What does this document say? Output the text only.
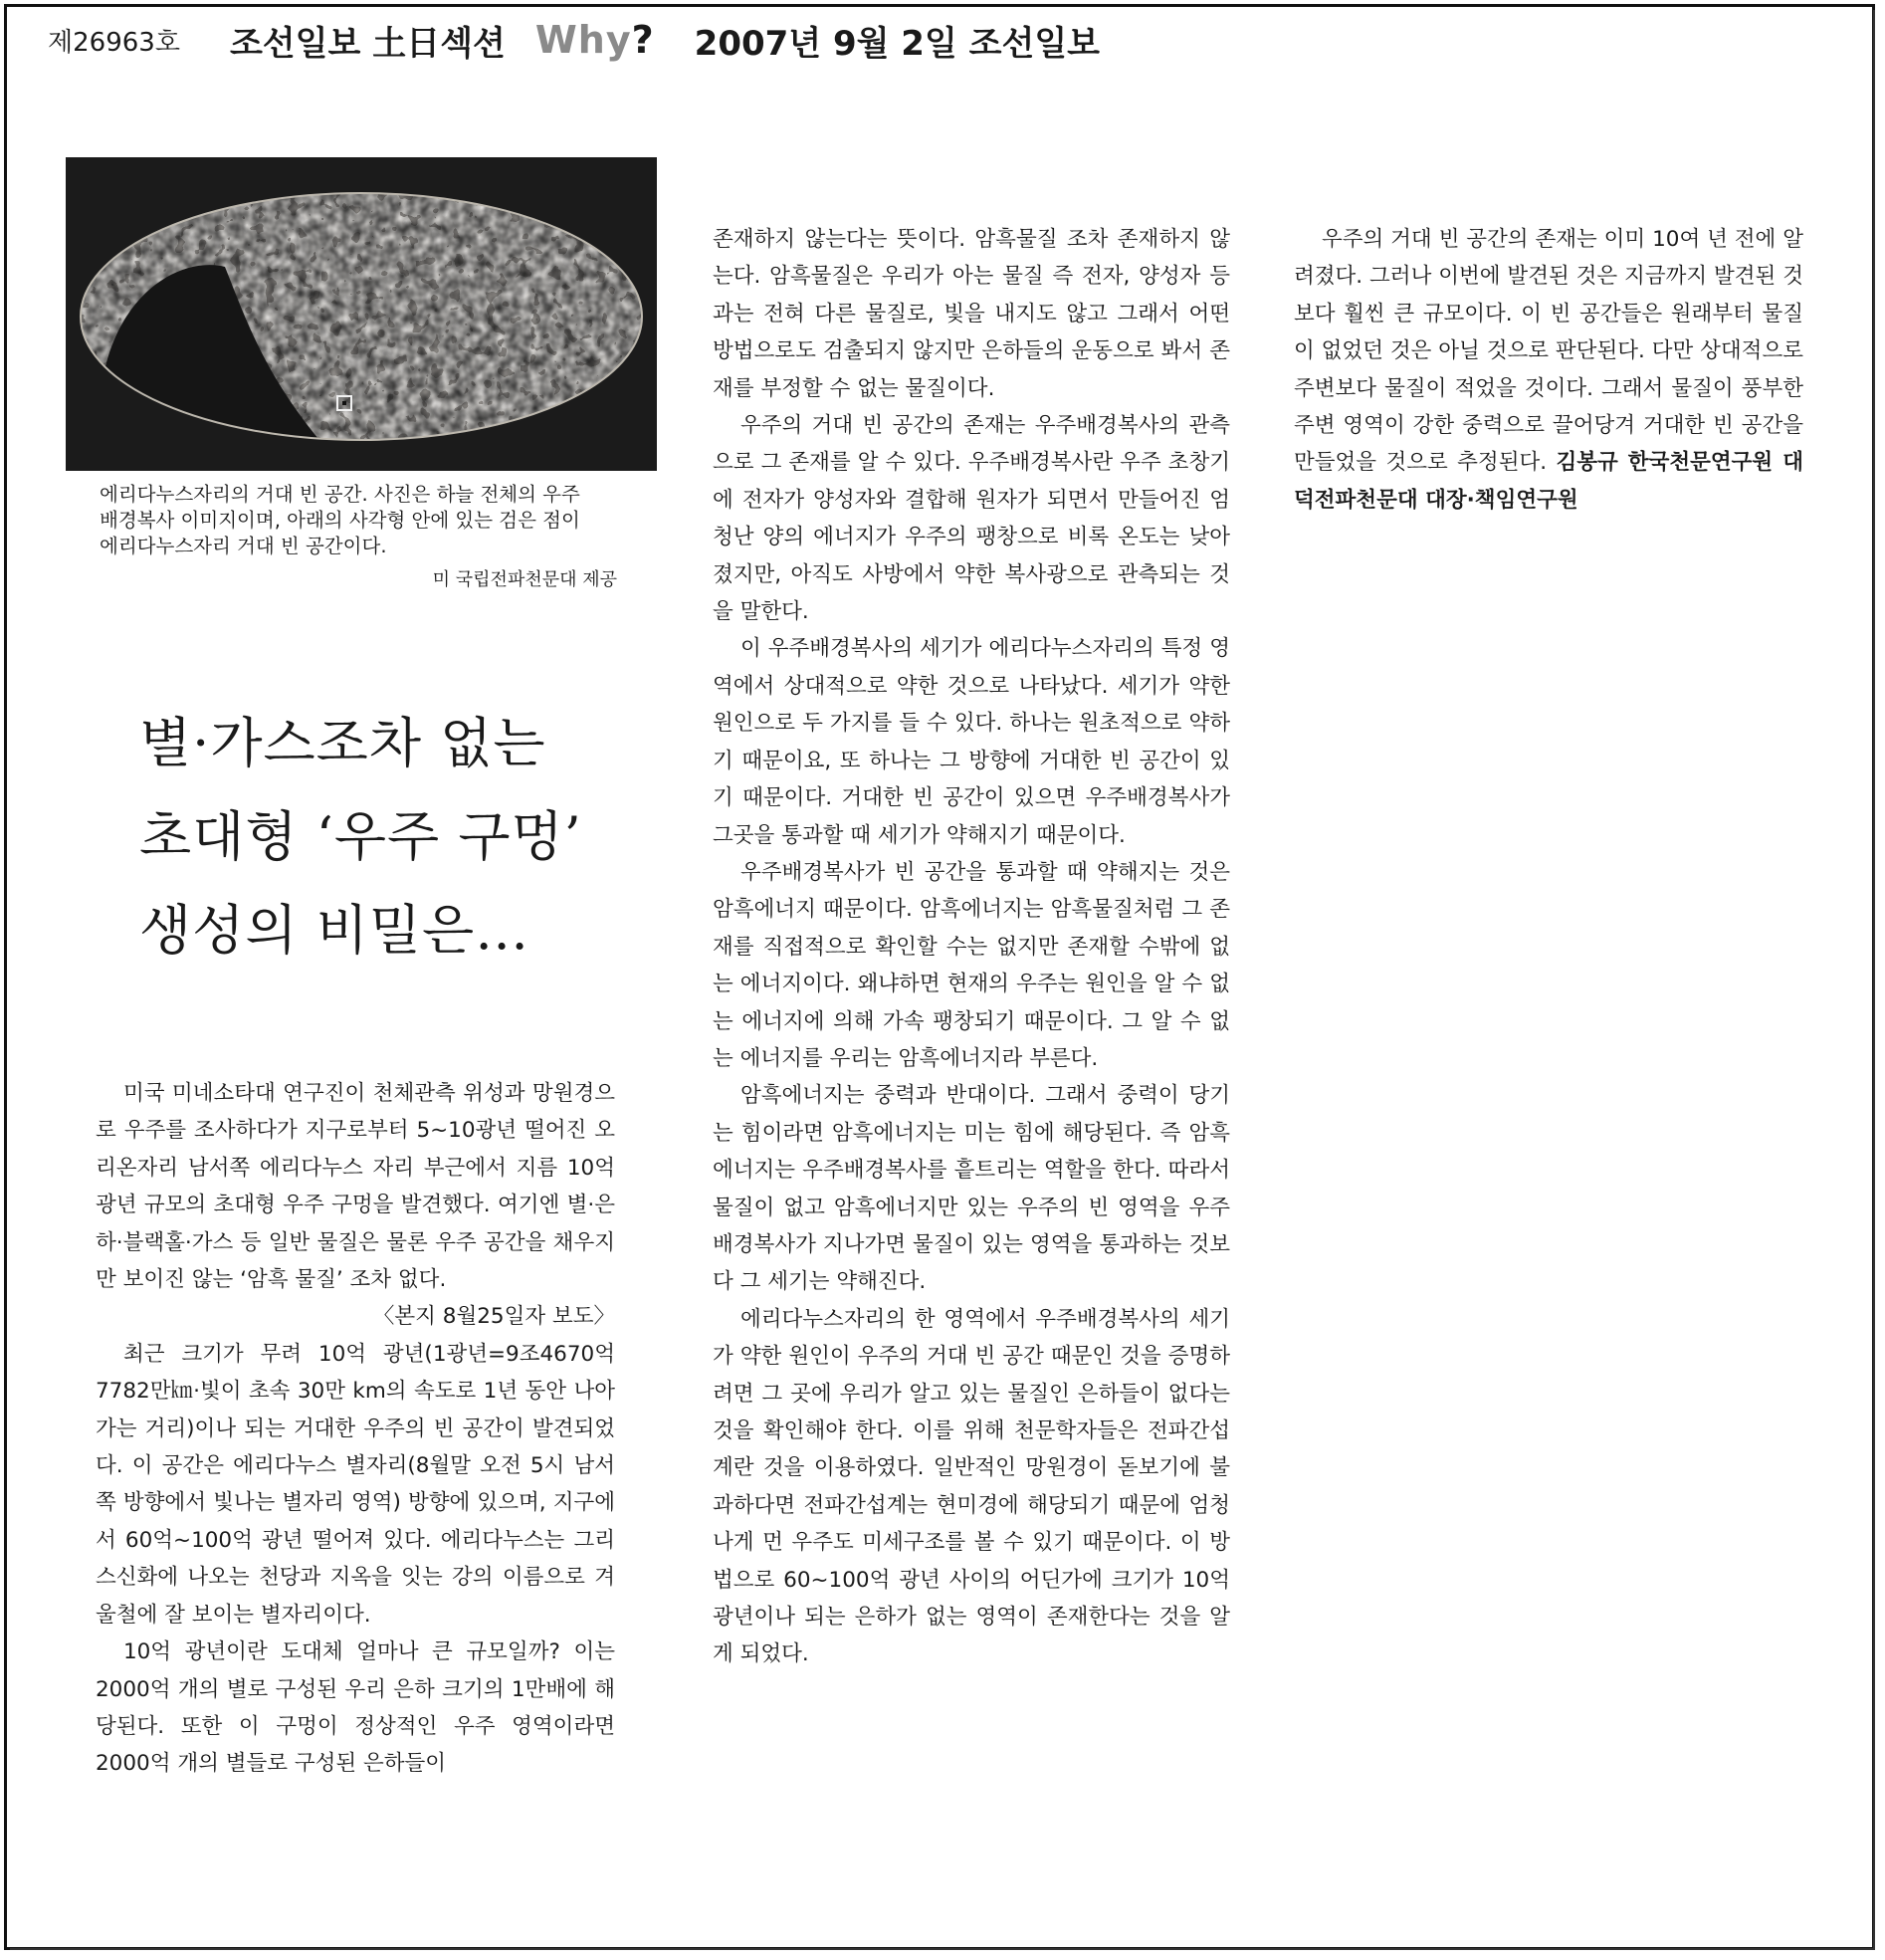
제26963호 조선일보 土日섹션 Why? 2007년 9월 2일 조선일보
에리다누스자리의 거대 빈 공간. 사진은 하늘 전체의 우주
배경복사 이미지이며, 아래의 사각형 안에 있는 검은 점이
에리다누스자리 거대 빈 공간이다.
미 국립전파천문대 제공
별·가스조차 없는
초대형 ‘우주 구멍’
생성의 비밀은…

미국 미네소타대 연구진이 천체관측 위성과 망원경으로 우주를 조사하다가 지구로부터 5~10광년 떨어진 오리온자리 남서쪽 에리다누스 자리 부근에서 지름 10억 광년 규모의 초대형 우주 구멍을 발견했다. 여기엔 별·은하·블랙홀·가스 등 일반 물질은 물론 우주 공간을 채우지만 보이진 않는 ‘암흑 물질’ 조차 없다.

〈본지 8월25일자 보도〉

최근 크기가 무려 10억 광년(1광년=9조4670억7782만㎞·빛이 초속 30만 km의 속도로 1년 동안 나아가는 거리)이나 되는 거대한 우주의 빈 공간이 발견되었다. 이 공간은 에리다누스 별자리(8월말 오전 5시 남서쪽 방향에서 빛나는 별자리 영역) 방향에 있으며, 지구에서 60억~100억 광년 떨어져 있다. 에리다누스는 그리스신화에 나오는 천당과 지옥을 잇는 강의 이름으로 겨울철에 잘 보이는 별자리이다.

10억 광년이란 도대체 얼마나 큰 규모일까? 이는 2000억 개의 별로 구성된 우리 은하 크기의 1만배에 해당된다. 또한 이 구멍이 정상적인 우주 영역이라면 2000억 개의 별들로 구성된 은하들이

존재하지 않는다는 뜻이다. 암흑물질 조차 존재하지 않는다. 암흑물질은 우리가 아는 물질 즉 전자, 양성자 등과는 전혀 다른 물질로, 빛을 내지도 않고 그래서 어떤 방법으로도 검출되지 않지만 은하들의 운동으로 봐서 존재를 부정할 수 없는 물질이다.

우주의 거대 빈 공간의 존재는 우주배경복사의 관측으로 그 존재를 알 수 있다. 우주배경복사란 우주 초창기에 전자가 양성자와 결합해 원자가 되면서 만들어진 엄청난 양의 에너지가 우주의 팽창으로 비록 온도는 낮아졌지만, 아직도 사방에서 약한 복사광으로 관측되는 것을 말한다.

이 우주배경복사의 세기가 에리다누스자리의 특정 영역에서 상대적으로 약한 것으로 나타났다. 세기가 약한 원인으로 두 가지를 들 수 있다. 하나는 원초적으로 약하기 때문이요, 또 하나는 그 방향에 거대한 빈 공간이 있기 때문이다. 거대한 빈 공간이 있으면 우주배경복사가 그곳을 통과할 때 세기가 약해지기 때문이다.

우주배경복사가 빈 공간을 통과할 때 약해지는 것은 암흑에너지 때문이다. 암흑에너지는 암흑물질처럼 그 존재를 직접적으로 확인할 수는 없지만 존재할 수밖에 없는 에너지이다. 왜냐하면 현재의 우주는 원인을 알 수 없는 에너지에 의해 가속 팽창되기 때문이다. 그 알 수 없는 에너지를 우리는 암흑에너지라 부른다.

암흑에너지는 중력과 반대이다. 그래서 중력이 당기는 힘이라면 암흑에너지는 미는 힘에 해당된다. 즉 암흑에너지는 우주배경복사를 흩트리는 역할을 한다. 따라서 물질이 없고 암흑에너지만 있는 우주의 빈 영역을 우주배경복사가 지나가면 물질이 있는 영역을 통과하는 것보다 그 세기는 약해진다.

에리다누스자리의 한 영역에서 우주배경복사의 세기가 약한 원인이 우주의 거대 빈 공간 때문인 것을 증명하려면 그 곳에 우리가 알고 있는 물질인 은하들이 없다는 것을 확인해야 한다. 이를 위해 천문학자들은 전파간섭계란 것을 이용하였다. 일반적인 망원경이 돋보기에 불과하다면 전파간섭계는 현미경에 해당되기 때문에 엄청나게 먼 우주도 미세구조를 볼 수 있기 때문이다. 이 방법으로 60~100억 광년 사이의 어딘가에 크기가 10억 광년이나 되는 은하가 없는 영역이 존재한다는 것을 알게 되었다.

우주의 거대 빈 공간의 존재는 이미 10여 년 전에 알려졌다. 그러나 이번에 발견된 것은 지금까지 발견된 것보다 훨씬 큰 규모이다. 이 빈 공간들은 원래부터 물질이 없었던 것은 아닐 것으로 판단된다. 다만 상대적으로 주변보다 물질이 적었을 것이다. 그래서 물질이 풍부한 주변 영역이 강한 중력으로 끌어당겨 거대한 빈 공간을 만들었을 것으로 추정된다. 김봉규 한국천문연구원 대덕전파천문대 대장·책임연구원
